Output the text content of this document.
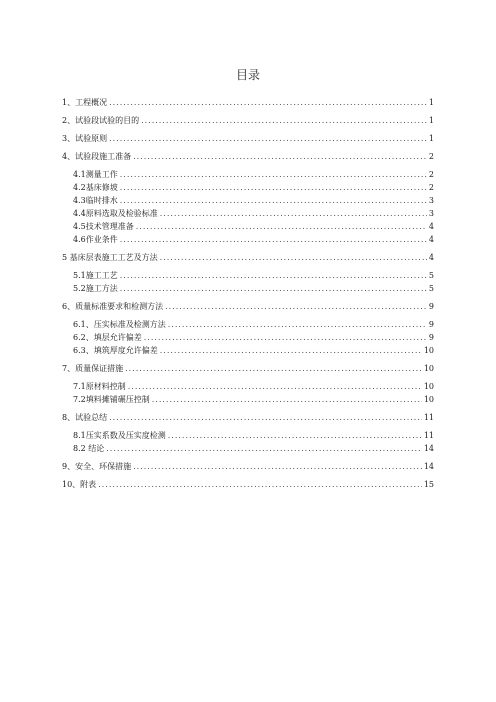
目录
1、工程概况 .....	1
2、试验段试验的目的 .....	1
3、试验原则 .....	1
4、试验段施工准备 .....	2
4.1测量工作 .....	2
4.2基床修坡 .....	2
4.3临时排水 .....	3
4.4原料选取及检验标准 .....	3
4.5技术管理准备 .....	4
4.6作业条件 .....	4
5 基床层表施工工艺及方法 .....	4
5.1施工工艺 .....	5
5.2施工方法 .....	5
6、质量标准要求和检测方法 .....	9
6.1、压实标准及检测方法 .....	9
6.2、填层允许偏差 .....	9
6.3、填筑厚度允许偏差 .....	10
7、质量保证措施 .....	10
7.1原材料控制 .....	10
7.2填料摊铺碾压控制 .....	10
8、试验总结 .....	11
8.1压实系数及压实度检测 .....	11
8.2 结论 .....	14
9、安全、环保措施 .....	14
10、附表 .....	15
